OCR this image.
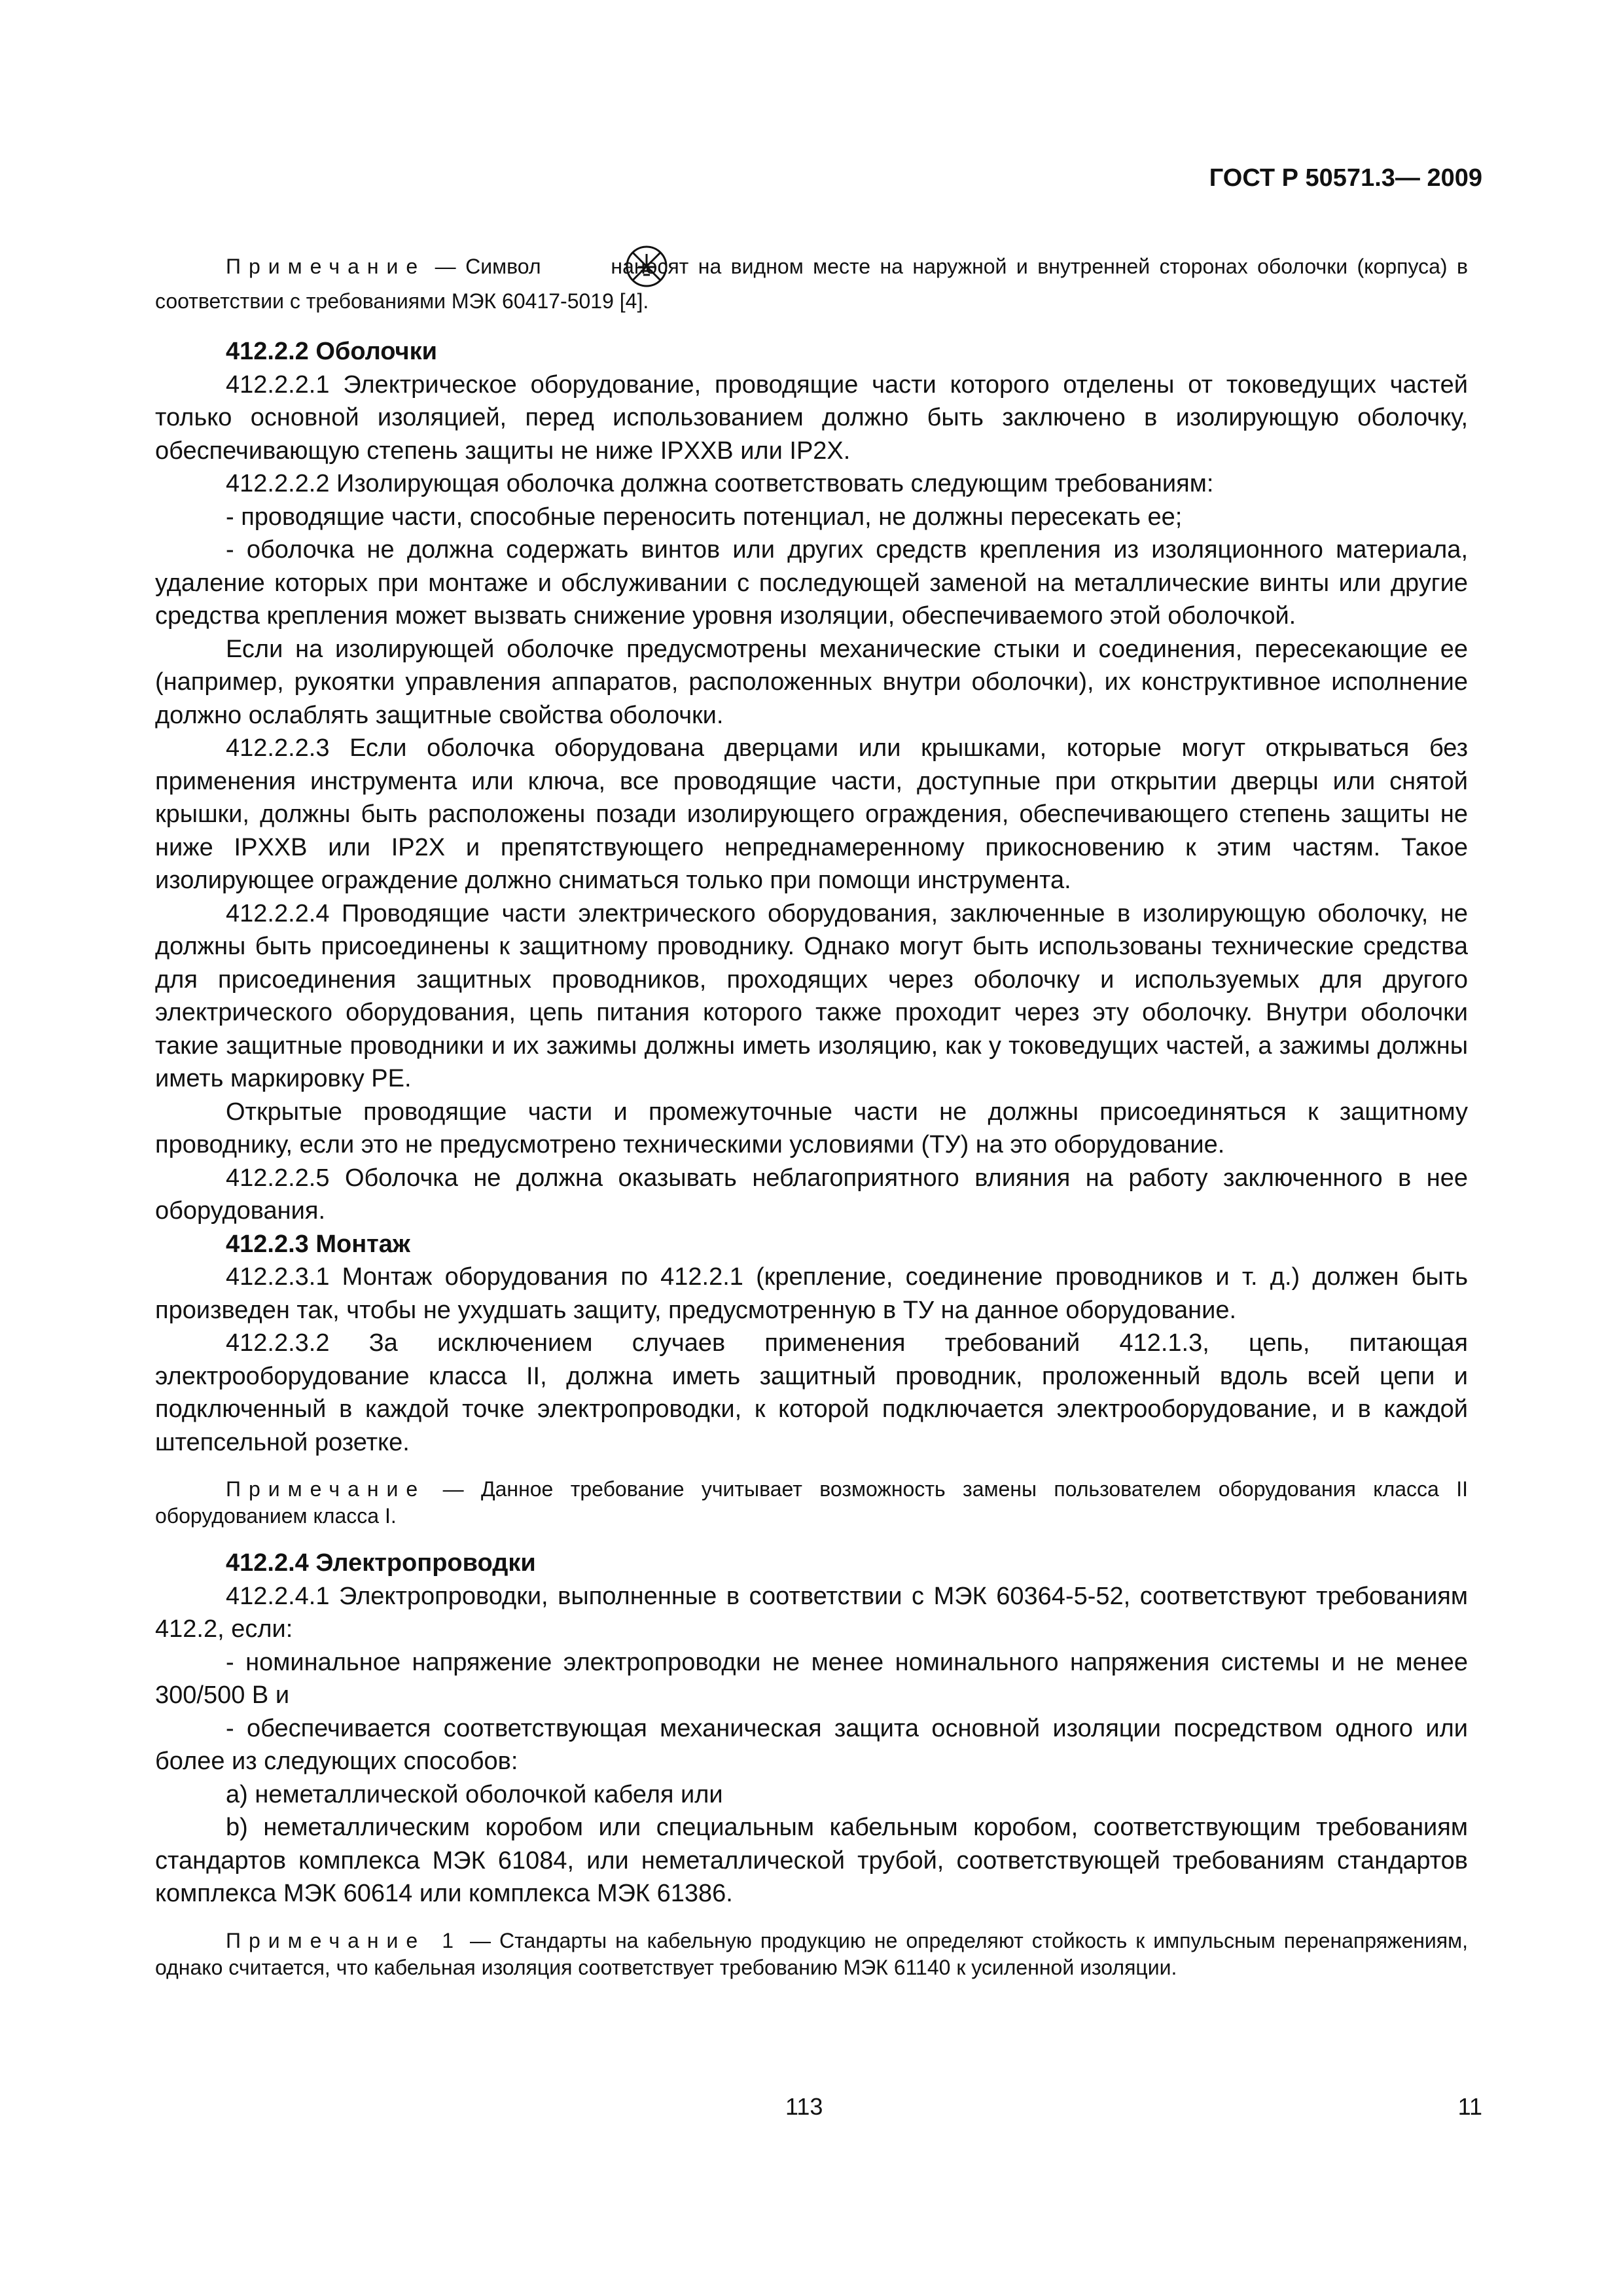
ГОСТ Р 50571.3— 2009

Примечание — Символ  наносят на видном месте на наружной и внутренней сторонах оболочки (корпуса) в соответствии с требованиями МЭК 60417-5019 [4].

412.2.2 Оболочки

412.2.2.1 Электрическое оборудование, проводящие части которого отделены от токоведущих частей только основной изоляцией, перед использованием должно быть заключено в изолирующую оболочку, обеспечивающую степень защиты не ниже IPXXB или IP2X.

412.2.2.2 Изолирующая оболочка должна соответствовать следующим требованиям:

- проводящие части, способные переносить потенциал, не должны пересекать ее;

- оболочка не должна содержать винтов или других средств крепления из изоляционного материала, удаление которых при монтаже и обслуживании с последующей заменой на металлические винты или другие средства крепления может вызвать снижение уровня изоляции, обеспечиваемого этой оболочкой.

Если на изолирующей оболочке предусмотрены механические стыки и соединения, пересекающие ее (например, рукоятки управления аппаратов, расположенных внутри оболочки), их конструктивное исполнение должно ослаблять защитные свойства оболочки.

412.2.2.3 Если оболочка оборудована дверцами или крышками, которые могут открываться без применения инструмента или ключа, все проводящие части, доступные при открытии дверцы или снятой крышки, должны быть расположены позади изолирующего ограждения, обеспечивающего степень защиты не ниже IPXXB или IP2X и препятствующего непреднамеренному прикосновению к этим частям. Такое изолирующее ограждение должно сниматься только при помощи инструмента.

412.2.2.4 Проводящие части электрического оборудования, заключенные в изолирующую оболочку, не должны быть присоединены к защитному проводнику. Однако могут быть использованы технические средства для присоединения защитных проводников, проходящих через оболочку и используемых для другого электрического оборудования, цепь питания которого также проходит через эту оболочку. Внутри оболочки такие защитные проводники и их зажимы должны иметь изоляцию, как у токоведущих частей, а зажимы должны иметь маркировку PE.

Открытые проводящие части и промежуточные части не должны присоединяться к защитному проводнику, если это не предусмотрено техническими условиями (ТУ) на это оборудование.

412.2.2.5 Оболочка не должна оказывать неблагоприятного влияния на работу заключенного в нее оборудования.

412.2.3 Монтаж

412.2.3.1 Монтаж оборудования по 412.2.1 (крепление, соединение проводников и т. д.) должен быть произведен так, чтобы не ухудшать защиту, предусмотренную в ТУ на данное оборудование.

412.2.3.2 За исключением случаев применения требований 412.1.3, цепь, питающая электрооборудование класса II, должна иметь защитный проводник, проложенный вдоль всей цепи и подключенный в каждой точке электропроводки, к которой подключается электрооборудование, и в каждой штепсельной розетке.

Примечание — Данное требование учитывает возможность замены пользователем оборудования класса II оборудованием класса I.

412.2.4 Электропроводки

412.2.4.1 Электропроводки, выполненные в соответствии с МЭК 60364-5-52, соответствуют требованиям 412.2, если:

- номинальное напряжение электропроводки не менее номинального напряжения системы и не менее 300/500 В и

- обеспечивается соответствующая механическая защита основной изоляции посредством одного или более из следующих способов:

a) неметаллической оболочкой кабеля или

b) неметаллическим коробом или специальным кабельным коробом, соответствующим требованиям стандартов комплекса МЭК 61084, или неметаллической трубой, соответствующей требованиям стандартов комплекса МЭК 60614 или комплекса МЭК 61386.

Примечание 1 — Стандарты на кабельную продукцию не определяют стойкость к импульсным перенапряжениям, однако считается, что кабельная изоляция соответствует требованию МЭК 61140 к усиленной изоляции.

113	11
